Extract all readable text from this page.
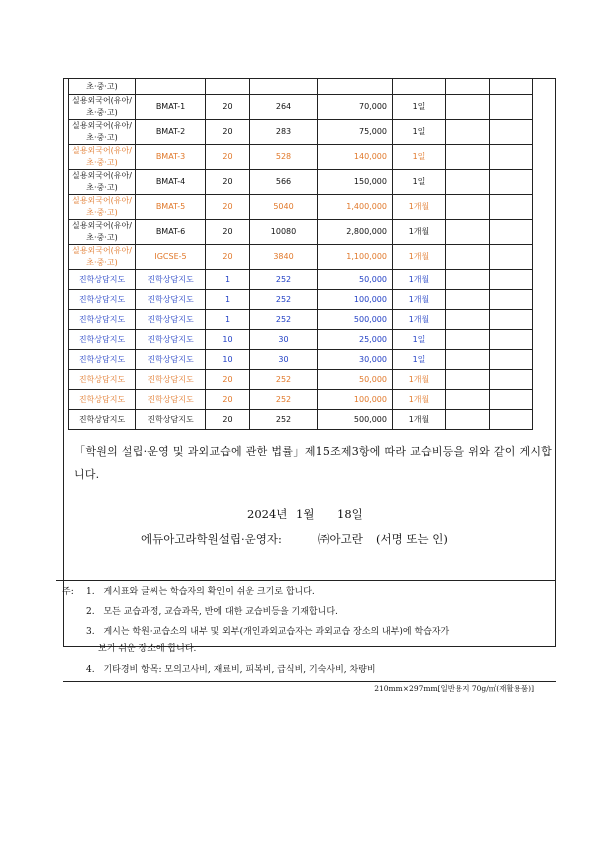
초·중·고)							

실용외국어(유아/
초·중·고)	BMAT-1	20	264	70,000	1일		

실용외국어(유아/
초·중·고)	BMAT-2	20	283	75,000	1일		

실용외국어(유아/
초·중·고)	BMAT-3	20	528	140,000	1일		

실용외국어(유아/
초·중·고)	BMAT-4	20	566	150,000	1일		

실용외국어(유아/
초·중·고)	BMAT-5	20	5040	1,400,000	1개월		

실용외국어(유아/
초·중·고)	BMAT-6	20	10080	2,800,000	1개월		

실용외국어(유아/
초·중·고)	IGCSE-5	20	3840	1,100,000	1개월		

진학상담지도	진학상담지도	1	252	50,000	1개월		

진학상담지도	진학상담지도	1	252	100,000	1개월		

진학상담지도	진학상담지도	1	252	500,000	1개월		

진학상담지도	진학상담지도	10	30	25,000	1일		

진학상담지도	진학상담지도	10	30	30,000	1일		

진학상담지도	진학상담지도	20	252	50,000	1개월		

진학상담지도	진학상담지도	20	252	100,000	1개월		

진학상담지도	진학상담지도	20	252	500,000	1개월		
「학원의 설립·운영 및 과외교습에 관한 법률」제15조제3항에 따라 교습비등을 위와 같이 게시합니다.
2024년 1월 18일
에듀아고라학원설립·운영자:	㈜아고란 (서명 또는 인)
주: 1. 게시표와 글씨는 학습자의 확인이 쉬운 크기로 합니다.
2. 모든 교습과정, 교습과목, 반에 대한 교습비등을 기재합니다.
3. 게시는 학원·교습소의 내부 및 외부(개인과외교습자는 과외교습 장소의 내부)에 학습자가
보기 쉬운 장소에 합니다.
4. 기타경비 항목: 모의고사비, 재료비, 피복비, 급식비, 기숙사비, 차량비
210mm×297mm[일반용지 70g/㎡(재활용품)]
